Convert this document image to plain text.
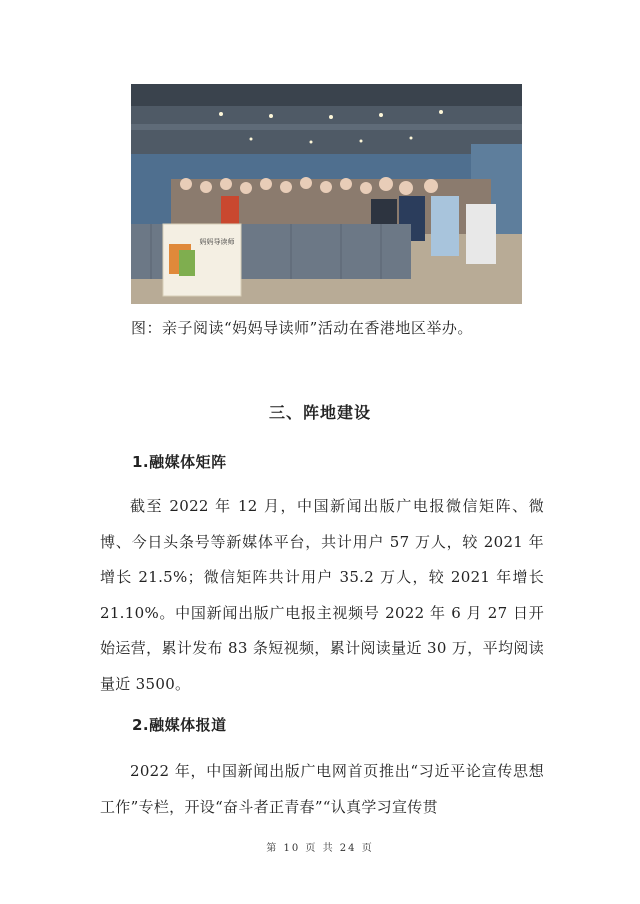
妈妈导读师
图：亲子阅读“妈妈导读师”活动在香港地区举办。
三、阵地建设
1.融媒体矩阵

截至 2022 年 12 月，中国新闻出版广电报微信矩阵、微博、今日头条号等新媒体平台，共计用户 57 万人，较 2021 年增长 21.5%；微信矩阵共计用户 35.2 万人，较 2021 年增长 21.10%。中国新闻出版广电报主视频号 2022 年 6 月 27 日开始运营，累计发布 83 条短视频，累计阅读量近 30 万，平均阅读量近 3500。

2.融媒体报道

2022 年，中国新闻出版广电网首页推出“习近平论宣传思想工作”专栏，开设“奋斗者正青春”“认真学习宣传贯

第 10 页 共 24 页
